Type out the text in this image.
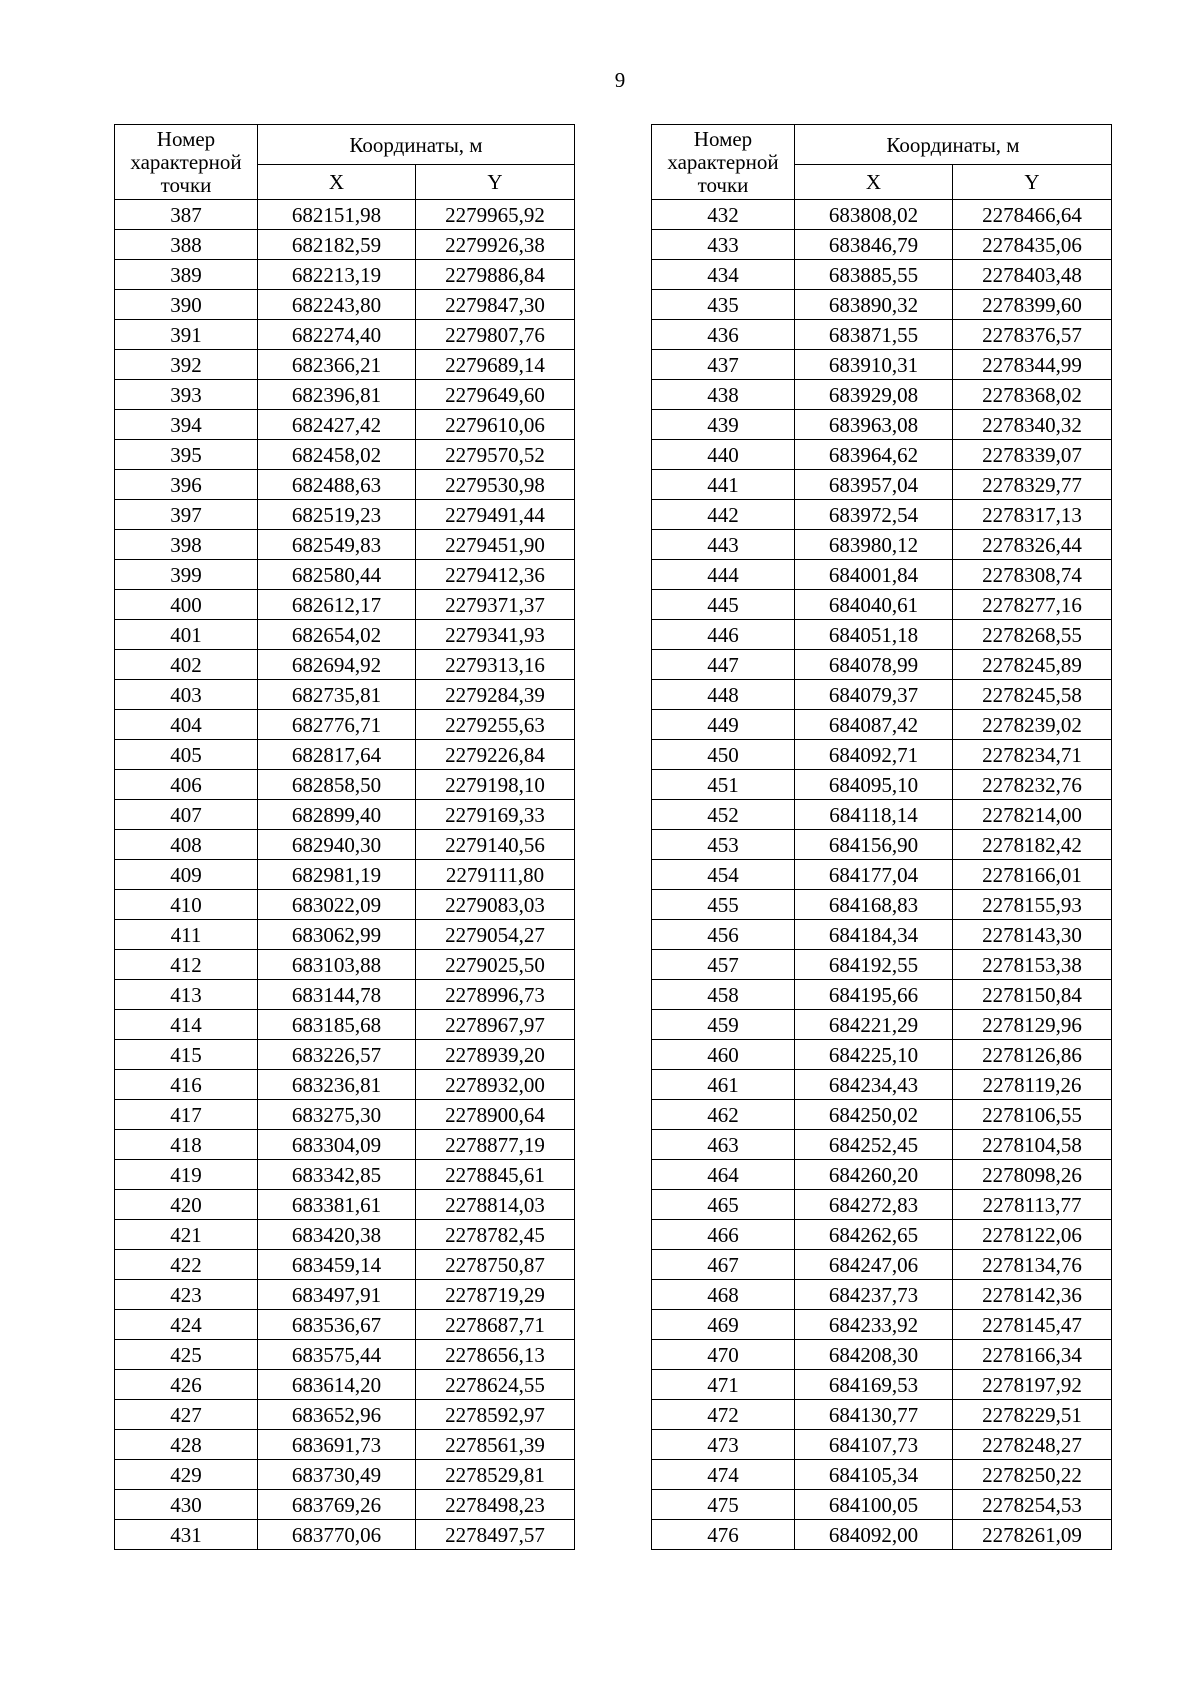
9
Номер характерной точки	Координаты, м	
	X	Y
387	682151,98	2279965,92
388	682182,59	2279926,38
389	682213,19	2279886,84
390	682243,80	2279847,30
391	682274,40	2279807,76
392	682366,21	2279689,14
393	682396,81	2279649,60
394	682427,42	2279610,06
395	682458,02	2279570,52
396	682488,63	2279530,98
397	682519,23	2279491,44
398	682549,83	2279451,90
399	682580,44	2279412,36
400	682612,17	2279371,37
401	682654,02	2279341,93
402	682694,92	2279313,16
403	682735,81	2279284,39
404	682776,71	2279255,63
405	682817,64	2279226,84
406	682858,50	2279198,10
407	682899,40	2279169,33
408	682940,30	2279140,56
409	682981,19	2279111,80
410	683022,09	2279083,03
411	683062,99	2279054,27
412	683103,88	2279025,50
413	683144,78	2278996,73
414	683185,68	2278967,97
415	683226,57	2278939,20
416	683236,81	2278932,00
417	683275,30	2278900,64
418	683304,09	2278877,19
419	683342,85	2278845,61
420	683381,61	2278814,03
421	683420,38	2278782,45
422	683459,14	2278750,87
423	683497,91	2278719,29
424	683536,67	2278687,71
425	683575,44	2278656,13
426	683614,20	2278624,55
427	683652,96	2278592,97
428	683691,73	2278561,39
429	683730,49	2278529,81
430	683769,26	2278498,23
431	683770,06	2278497,57
Номер характерной точки	Координаты, м	
	X	Y
432	683808,02	2278466,64
433	683846,79	2278435,06
434	683885,55	2278403,48
435	683890,32	2278399,60
436	683871,55	2278376,57
437	683910,31	2278344,99
438	683929,08	2278368,02
439	683963,08	2278340,32
440	683964,62	2278339,07
441	683957,04	2278329,77
442	683972,54	2278317,13
443	683980,12	2278326,44
444	684001,84	2278308,74
445	684040,61	2278277,16
446	684051,18	2278268,55
447	684078,99	2278245,89
448	684079,37	2278245,58
449	684087,42	2278239,02
450	684092,71	2278234,71
451	684095,10	2278232,76
452	684118,14	2278214,00
453	684156,90	2278182,42
454	684177,04	2278166,01
455	684168,83	2278155,93
456	684184,34	2278143,30
457	684192,55	2278153,38
458	684195,66	2278150,84
459	684221,29	2278129,96
460	684225,10	2278126,86
461	684234,43	2278119,26
462	684250,02	2278106,55
463	684252,45	2278104,58
464	684260,20	2278098,26
465	684272,83	2278113,77
466	684262,65	2278122,06
467	684247,06	2278134,76
468	684237,73	2278142,36
469	684233,92	2278145,47
470	684208,30	2278166,34
471	684169,53	2278197,92
472	684130,77	2278229,51
473	684107,73	2278248,27
474	684105,34	2278250,22
475	684100,05	2278254,53
476	684092,00	2278261,09
